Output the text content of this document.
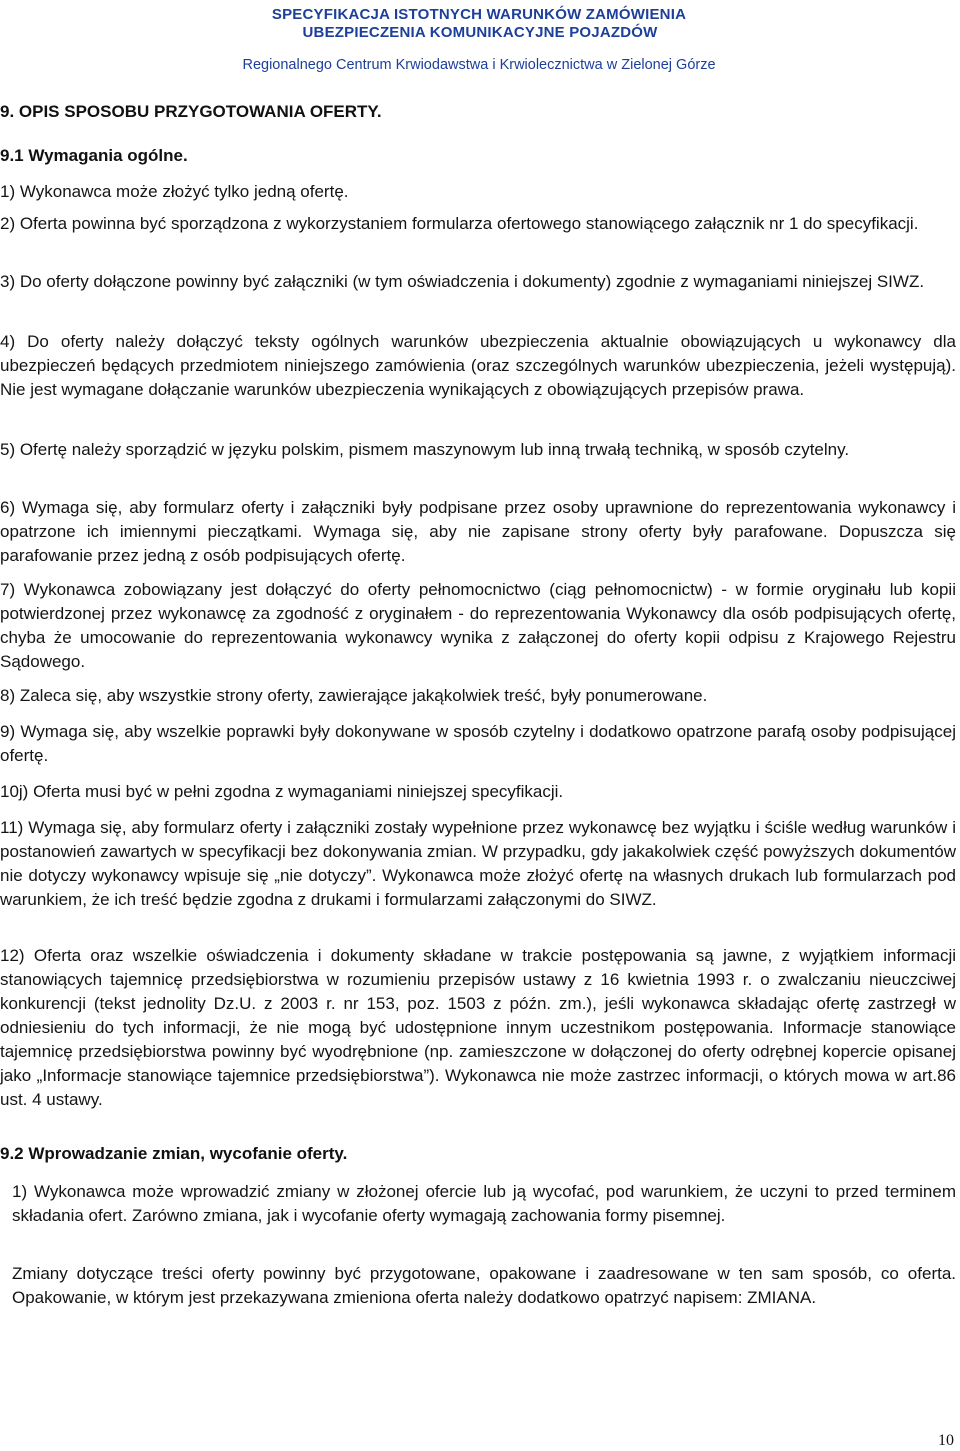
SPECYFIKACJA ISTOTNYCH WARUNKÓW ZAMÓWIENIA
UBEZPIECZENIA KOMUNIKACYJNE POJAZDÓW
Regionalnego Centrum Krwiodawstwa i Krwiolecznictwa w Zielonej Górze
9. OPIS SPOSOBU PRZYGOTOWANIA OFERTY.
9.1 Wymagania ogólne.

1) Wykonawca może złożyć tylko jedną ofertę.

2) Oferta powinna być sporządzona z wykorzystaniem formularza ofertowego stanowiącego załącznik nr 1 do specyfikacji.

3) Do oferty dołączone powinny być załączniki (w tym oświadczenia i dokumenty) zgodnie z wymaganiami niniejszej SIWZ.

4) Do oferty należy dołączyć teksty ogólnych warunków ubezpieczenia aktualnie obowiązujących u wykonawcy dla ubezpieczeń będących przedmiotem niniejszego zamówienia (oraz szczególnych warunków ubezpieczenia, jeżeli występują). Nie jest wymagane dołączanie warunków ubezpieczenia wynikających z obowiązujących przepisów prawa.

5) Ofertę należy sporządzić w języku polskim, pismem maszynowym lub inną trwałą techniką, w sposób czytelny.

6) Wymaga się, aby formularz oferty i załączniki były podpisane przez osoby uprawnione do reprezentowania wykonawcy i opatrzone ich imiennymi pieczątkami. Wymaga się, aby nie zapisane strony oferty były parafowane. Dopuszcza się parafowanie przez jedną z osób podpisujących ofertę.

7) Wykonawca zobowiązany jest dołączyć do oferty pełnomocnictwo (ciąg pełnomocnictw) - w formie oryginału lub kopii potwierdzonej przez wykonawcę za zgodność z oryginałem - do reprezentowania Wykonawcy dla osób podpisujących ofertę, chyba że umocowanie do reprezentowania wykonawcy wynika z załączonej do oferty kopii odpisu z Krajowego Rejestru Sądowego.

8) Zaleca się, aby wszystkie strony oferty, zawierające jakąkolwiek treść, były ponumerowane.

9) Wymaga się, aby wszelkie poprawki były dokonywane w sposób czytelny i dodatkowo opatrzone parafą osoby podpisującej ofertę.

10j) Oferta musi być w pełni zgodna z wymaganiami niniejszej specyfikacji.

11) Wymaga się, aby formularz oferty i załączniki zostały wypełnione przez wykonawcę bez wyjątku i ściśle według warunków i postanowień zawartych w specyfikacji bez dokonywania zmian. W przypadku, gdy jakakolwiek część powyższych dokumentów nie dotyczy wykonawcy wpisuje się „nie dotyczy”. Wykonawca może złożyć ofertę na własnych drukach lub formularzach pod warunkiem, że ich treść będzie zgodna z drukami i formularzami załączonymi do SIWZ.

12) Oferta oraz wszelkie oświadczenia i dokumenty składane w trakcie postępowania są jawne, z wyjątkiem informacji stanowiących tajemnicę przedsiębiorstwa w rozumieniu przepisów ustawy z 16 kwietnia 1993 r. o zwalczaniu nieuczciwej konkurencji (tekst jednolity Dz.U. z 2003 r. nr 153, poz. 1503 z późn. zm.), jeśli wykonawca składając ofertę zastrzegł w odniesieniu do tych informacji, że nie mogą być udostępnione innym uczestnikom postępowania. Informacje stanowiące tajemnicę przedsiębiorstwa powinny być wyodrębnione (np. zamieszczone w dołączonej do oferty odrębnej kopercie opisanej jako „Informacje stanowiące tajemnice przedsiębiorstwa”). Wykonawca nie może zastrzec informacji, o których mowa w art.86 ust. 4 ustawy.

9.2 Wprowadzanie zmian, wycofanie oferty.

1) Wykonawca może wprowadzić zmiany w złożonej ofercie lub ją wycofać, pod warunkiem, że uczyni to przed terminem składania ofert. Zarówno zmiana, jak i wycofanie oferty wymagają zachowania formy pisemnej.

Zmiany dotyczące treści oferty powinny być przygotowane, opakowane i zaadresowane w ten sam sposób, co oferta. Opakowanie, w którym jest przekazywana zmieniona oferta należy dodatkowo opatrzyć napisem: ZMIANA.

10
